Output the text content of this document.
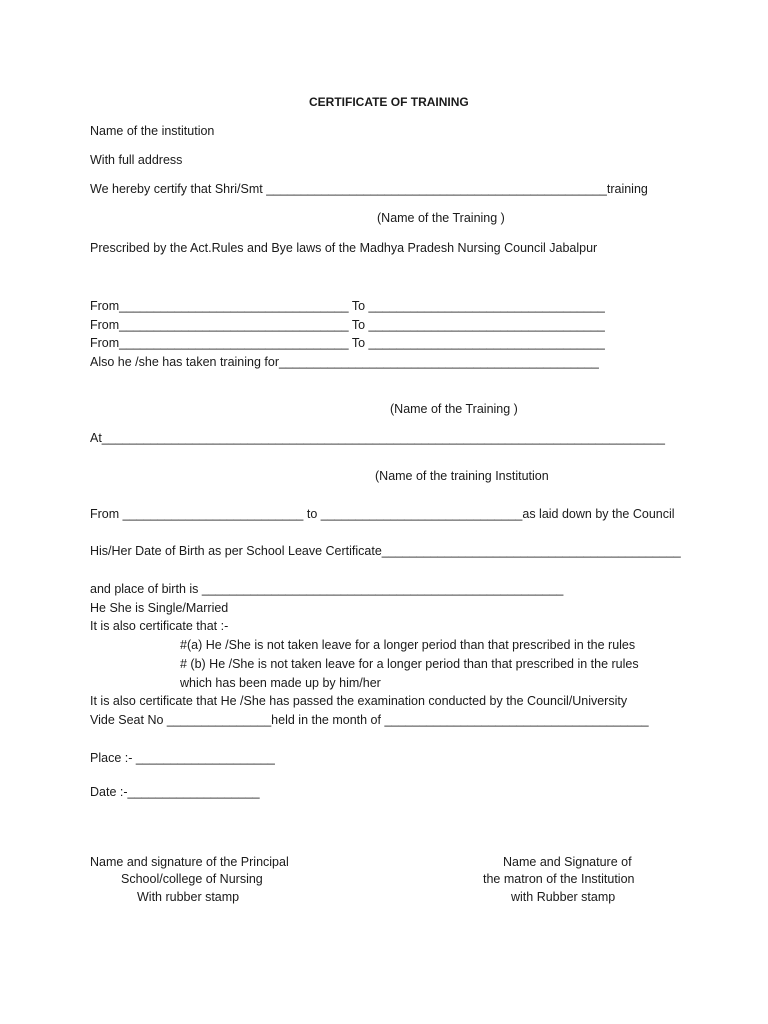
CERTIFICATE OF TRAINING
Name of the institution
With full address
We hereby certify that Shri/Smt _________________________________________________training
(Name of the Training )
Prescribed by the Act.Rules and Bye laws of the Madhya Pradesh Nursing Council Jabalpur
From_________________________________ To __________________________________
From_________________________________ To __________________________________
From_________________________________ To __________________________________
Also he /she has taken training for______________________________________________
(Name of the Training )
At_________________________________________________________________________________
(Name of the training Institution
From __________________________ to _____________________________as laid down by the Council
His/Her Date of Birth as per School Leave Certificate___________________________________________
and place of birth is ____________________________________________________
He She is Single/Married
It is also certificate that :-
#(a) He /She is not taken leave for a longer period than that prescribed in the rules
# (b) He /She is not taken leave for a longer period than that prescribed in the rules
which has been made up by him/her
It is also certificate that He /She has passed the examination conducted by the Council/University
Vide Seat No _______________held in the month of ______________________________________
Place :- ____________________
Date :-___________________
Name and signature of the Principal
School/college of Nursing
With rubber stamp
Name and Signature of
the matron of the Institution
with Rubber stamp
